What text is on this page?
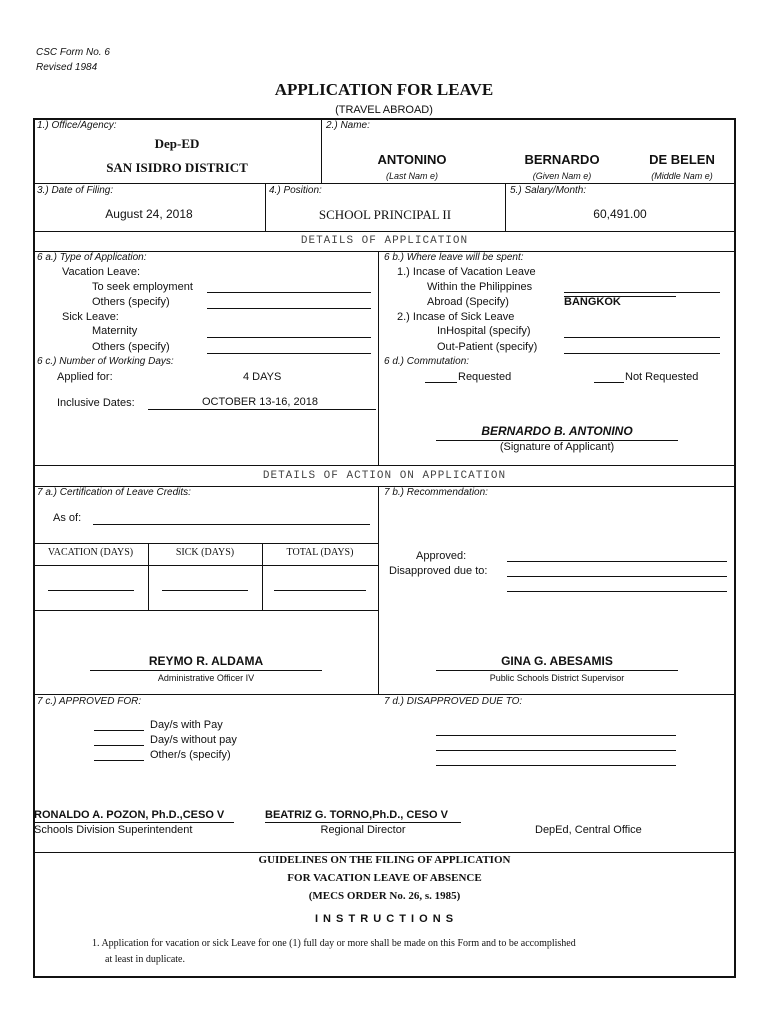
CSC Form No. 6
Revised 1984
APPLICATION FOR LEAVE
(TRAVEL ABROAD)
1.) Office/Agency:
Dep-ED
SAN ISIDRO DISTRICT
2.) Name:
ANTONINO	BERNARDO	DE BELEN
(Last Nam e)	(Given Nam e)	(Middle Nam e)
3.) Date of Filing:
August 24, 2018
4.) Position:
SCHOOL PRINCIPAL II
5.) Salary/Month:
60,491.00
DETAILS OF APPLICATION
6 a.) Type of Application:
Vacation Leave:
To seek employment
Others (specify)
Sick Leave:
Maternity
Others (specify)
6 c.) Number of Working Days:
Applied for:	4 DAYS
Inclusive Dates:	OCTOBER 13-16, 2018
6 b.) Where leave will be spent:
1.) Incase of Vacation Leave
Within the Philippines
Abroad (Specify)	BANGKOK
2.) Incase of Sick Leave
InHospital (specify)
Out-Patient (specify)
6 d.) Commutation:
Requested	Not Requested
BERNARDO B. ANTONINO
(Signature of Applicant)
DETAILS OF ACTION ON APPLICATION
7 a.) Certification of Leave Credits:
As of:
VACATION (DAYS)	SICK (DAYS)	TOTAL (DAYS)
7 b.) Recommendation:
Approved:
Disapproved due to:
REYMO R. ALDAMA
Administrative Officer IV
GINA G. ABESAMIS
Public Schools District Supervisor
7 c.) APPROVED FOR:
Day/s with Pay
Day/s without pay
Other/s (specify)
7 d.) DISAPPROVED DUE TO:
RONALDO A. POZON, Ph.D.,CESO V
Schools Division Superintendent
BEATRIZ G. TORNO,Ph.D., CESO V
Regional Director	DepEd, Central Office
GUIDELINES ON THE FILING OF APPLICATION
FOR VACATION LEAVE OF ABSENCE
(MECS ORDER No. 26, s. 1985)
I N S T R U C T I O N S
1. Application for vacation or sick Leave for one (1) full day or more shall be made on this Form and to be accomplished
at least in duplicate.
